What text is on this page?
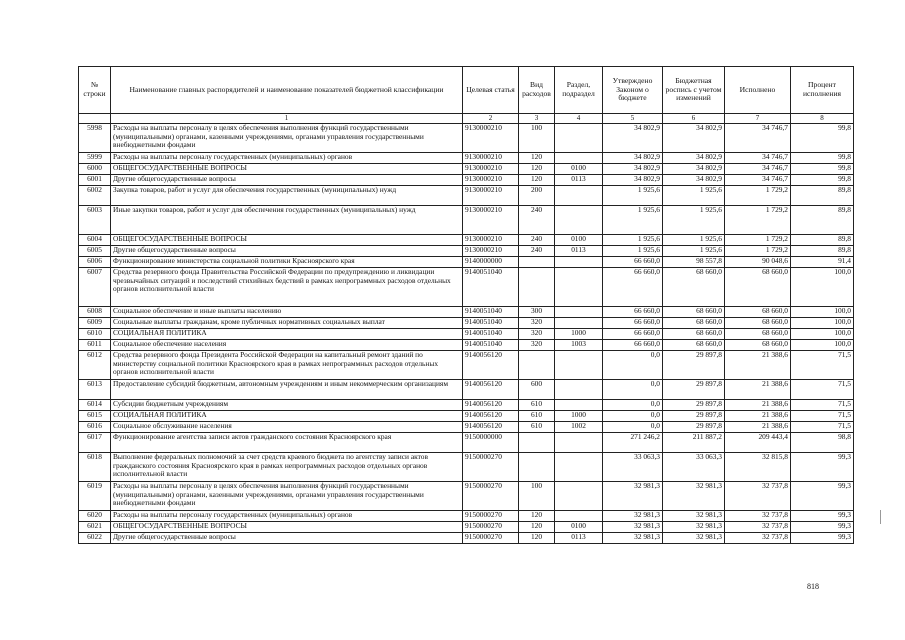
№ строки	Наименование главных распорядителей и наименование показателей бюджетной классификации	Целевая статья	Вид расходов	Раздел, подраздел	Утверждено Законом о бюджете	Бюджетная роспись с учетом изменений	Исполнено	Процент исполнения
	1	2	3	4	5	6	7	8
5998	Расходы на выплаты персоналу в целях обеспечения выполнения функций государственными (муниципальными) органами, казенными учреждениями, органами управления государственными внебюджетными фондами	9130000210	100		34 802,9	34 802,9	34 746,7	99,8
5999	Расходы на выплаты персоналу государственных (муниципальных) органов	9130000210	120		34 802,9	34 802,9	34 746,7	99,8
6000	ОБЩЕГОСУДАРСТВЕННЫЕ ВОПРОСЫ	9130000210	120	0100	34 802,9	34 802,9	34 746,7	99,8
6001	Другие общегосударственные вопросы	9130000210	120	0113	34 802,9	34 802,9	34 746,7	99,8
6002	Закупка товаров, работ и услуг для обеспечения государственных (муниципальных) нужд	9130000210	200		1 925,6	1 925,6	1 729,2	89,8
6003	Иные закупки товаров, работ и услуг для обеспечения государственных (муниципальных) нужд	9130000210	240		1 925,6	1 925,6	1 729,2	89,8
6004	ОБЩЕГОСУДАРСТВЕННЫЕ ВОПРОСЫ	9130000210	240	0100	1 925,6	1 925,6	1 729,2	89,8
6005	Другие общегосударственные вопросы	9130000210	240	0113	1 925,6	1 925,6	1 729,2	89,8
6006	Функционирование министерства социальной политики Красноярского края	9140000000			66 660,0	98 557,8	90 048,6	91,4
6007	Средства резервного фонда Правительства Российской Федерации по предупреждению и ликвидации чрезвычайных ситуаций и последствий стихийных бедствий в рамках непрограммных расходов отдельных органов исполнительной власти	9140051040			66 660,0	68 660,0	68 660,0	100,0
6008	Социальное обеспечение и иные выплаты населению	9140051040	300		66 660,0	68 660,0	68 660,0	100,0
6009	Социальные выплаты гражданам, кроме публичных нормативных социальных выплат	9140051040	320		66 660,0	68 660,0	68 660,0	100,0
6010	СОЦИАЛЬНАЯ ПОЛИТИКА	9140051040	320	1000	66 660,0	68 660,0	68 660,0	100,0
6011	Социальное обеспечение населения	9140051040	320	1003	66 660,0	68 660,0	68 660,0	100,0
6012	Средства резервного фонда Президента Российской Федерации на капитальный ремонт зданий по министерству социальной политики Красноярского края в рамках непрограммных расходов отдельных органов исполнительной власти	9140056120			0,0	29 897,8	21 388,6	71,5
6013	Предоставление субсидий бюджетным, автономным учреждениям и иным некоммерческим организациям	9140056120	600		0,0	29 897,8	21 388,6	71,5
6014	Субсидии бюджетным учреждениям	9140056120	610		0,0	29 897,8	21 388,6	71,5
6015	СОЦИАЛЬНАЯ ПОЛИТИКА	9140056120	610	1000	0,0	29 897,8	21 388,6	71,5
6016	Социальное обслуживание населения	9140056120	610	1002	0,0	29 897,8	21 388,6	71,5
6017	Функционирование агентства записи актов гражданского состояния Красноярского края	9150000000			271 246,2	211 887,2	209 443,4	98,8
6018	Выполнение федеральных полномочий за счет средств краевого бюджета по агентству записи актов гражданского состояния Красноярского края в рамках непрограммных расходов отдельных органов исполнительной власти	9150000270			33 063,3	33 063,3	32 815,8	99,3
6019	Расходы на выплаты персоналу в целях обеспечения выполнения функций государственными (муниципальными) органами, казенными учреждениями, органами управления государственными внебюджетными фондами	9150000270	100		32 981,3	32 981,3	32 737,8	99,3
6020	Расходы на выплаты персоналу государственных (муниципальных) органов	9150000270	120		32 981,3	32 981,3	32 737,8	99,3
6021	ОБЩЕГОСУДАРСТВЕННЫЕ ВОПРОСЫ	9150000270	120	0100	32 981,3	32 981,3	32 737,8	99,3
6022	Другие общегосударственные вопросы	9150000270	120	0113	32 981,3	32 981,3	32 737,8	99,3
818
